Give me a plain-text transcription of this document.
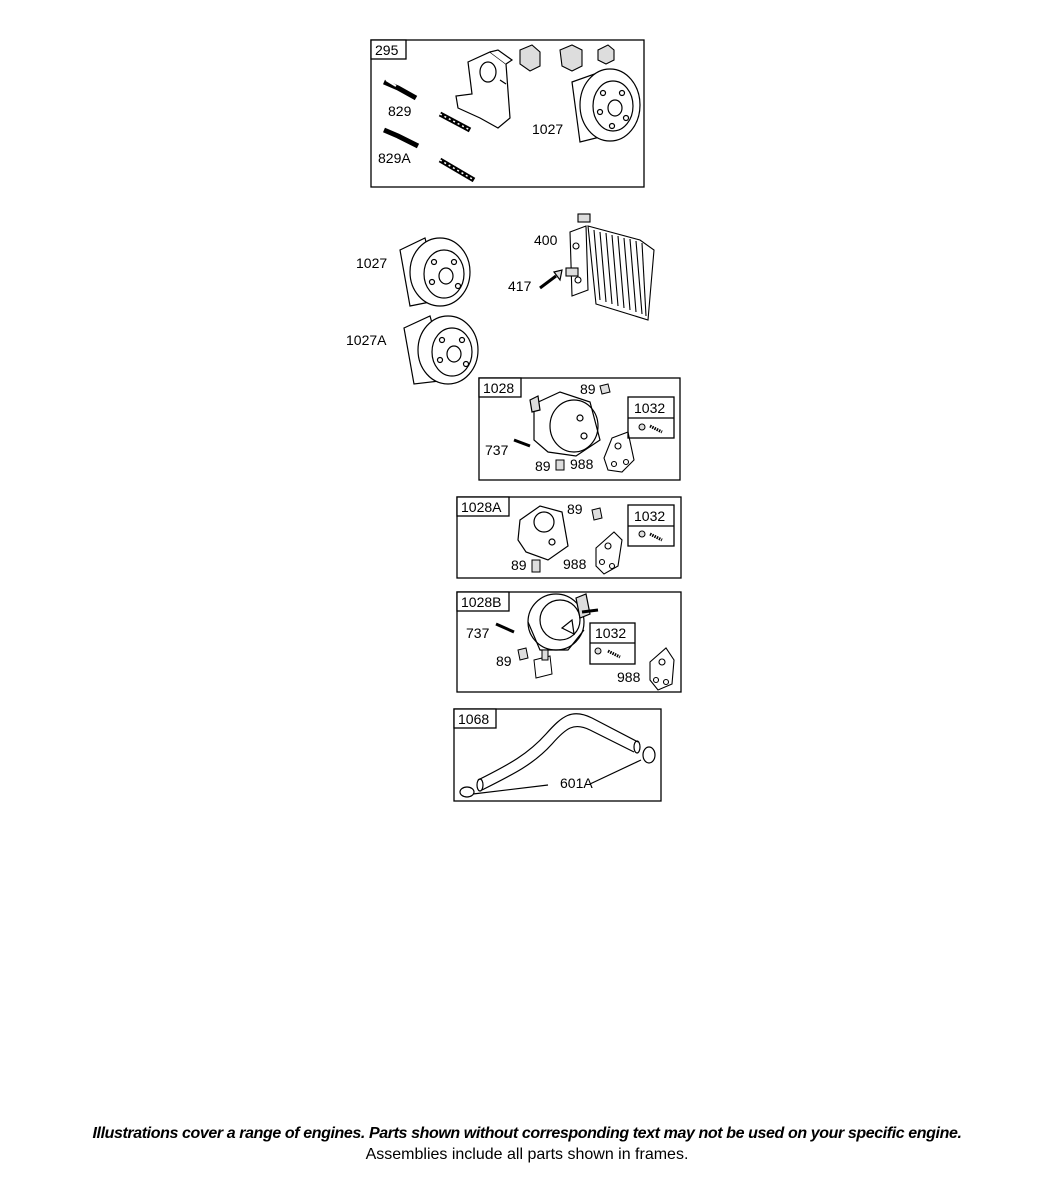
295
829
829A
1027
1027
1027A
400
417
1028	89
737
89 988
1032
1028A	89
89	988
1032
1028B
737
89
988
1032
1068
601A
Illustrations cover a range of engines. Parts shown without corresponding text may not be used on your specific engine.
Assemblies include all parts shown in frames.
